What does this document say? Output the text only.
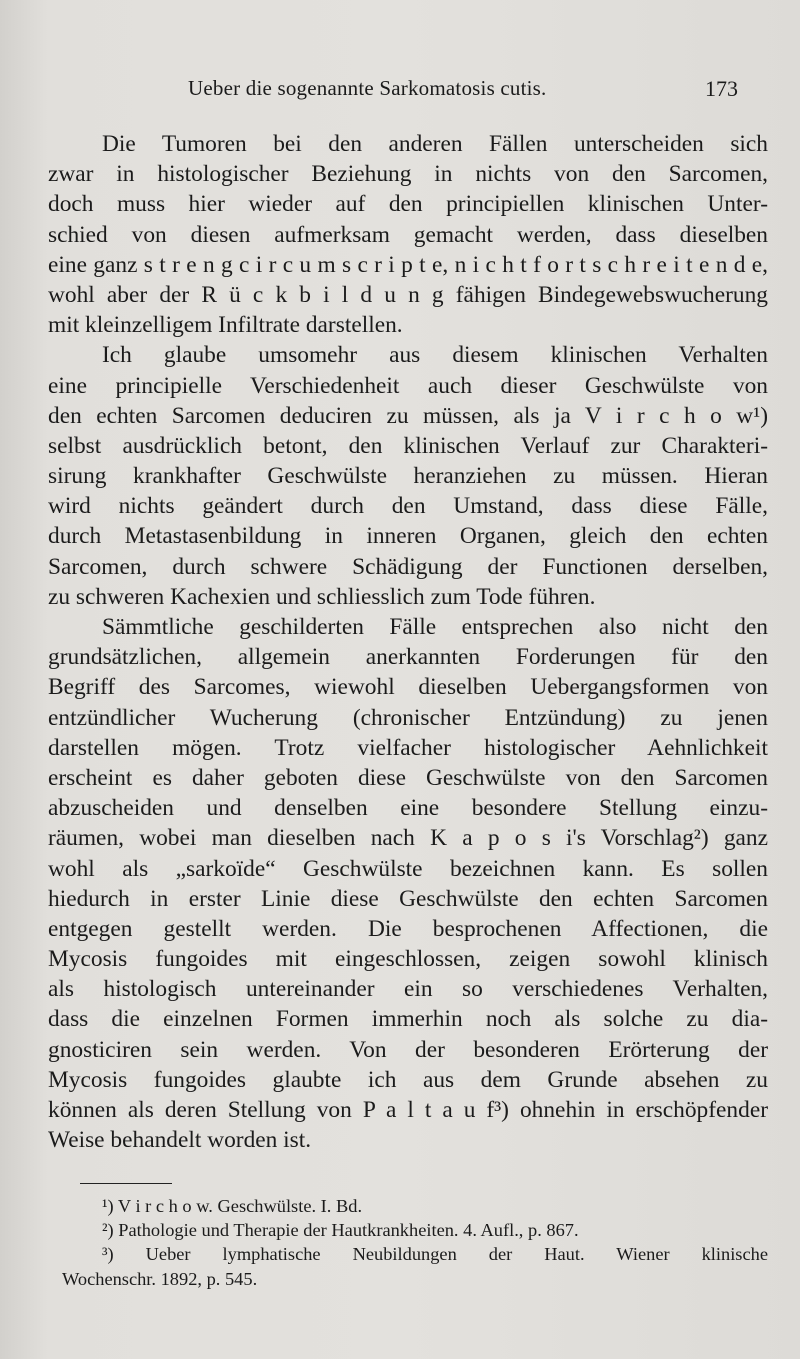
Ueber die sogenannte Sarkomatosis cutis.	173
Die Tumoren bei den anderen Fällen unterscheiden sich
zwar in histologischer Beziehung in nichts von den Sarcomen,
doch muss hier wieder auf den principiellen klinischen Unter-
schied von diesen aufmerksam gemacht werden, dass dieselben
eine ganz s t r e n g c i r c u m s c r i p t e, n i c h t f o r t s c h r e i t e n d e,
wohl aber der R ü c k b i l d u n g fähigen Bindegewebswucherung
mit kleinzelligem Infiltrate darstellen.
Ich glaube umsomehr aus diesem klinischen Verhalten
eine principielle Verschiedenheit auch dieser Geschwülste von
den echten Sarcomen deduciren zu müssen, als ja V i r c h o w¹)
selbst ausdrücklich betont, den klinischen Verlauf zur Charakteri-
sirung krankhafter Geschwülste heranziehen zu müssen. Hieran
wird nichts geändert durch den Umstand, dass diese Fälle,
durch Metastasenbildung in inneren Organen, gleich den echten
Sarcomen, durch schwere Schädigung der Functionen derselben,
zu schweren Kachexien und schliesslich zum Tode führen.
Sämmtliche geschilderten Fälle entsprechen also nicht den
grundsätzlichen, allgemein anerkannten Forderungen für den
Begriff des Sarcomes, wiewohl dieselben Uebergangsformen von
entzündlicher Wucherung (chronischer Entzündung) zu jenen
darstellen mögen. Trotz vielfacher histologischer Aehnlichkeit
erscheint es daher geboten diese Geschwülste von den Sarcomen
abzuscheiden und denselben eine besondere Stellung einzu-
räumen, wobei man dieselben nach K a p o s i's Vorschlag²) ganz
wohl als „sarkoïde“ Geschwülste bezeichnen kann. Es sollen
hiedurch in erster Linie diese Geschwülste den echten Sarcomen
entgegen gestellt werden. Die besprochenen Affectionen, die
Mycosis fungoides mit eingeschlossen, zeigen sowohl klinisch
als histologisch untereinander ein so verschiedenes Verhalten,
dass die einzelnen Formen immerhin noch als solche zu dia-
gnosticiren sein werden. Von der besonderen Erörterung der
Mycosis fungoides glaubte ich aus dem Grunde absehen zu
können als deren Stellung von P a l t a u f³) ohnehin in erschöpfender
Weise behandelt worden ist.
¹) V i r c h o w. Geschwülste. I. Bd.
²) Pathologie und Therapie der Hautkrankheiten. 4. Aufl., p. 867.
³) Ueber lymphatische Neubildungen der Haut. Wiener klinische
Wochenschr. 1892, p. 545.
